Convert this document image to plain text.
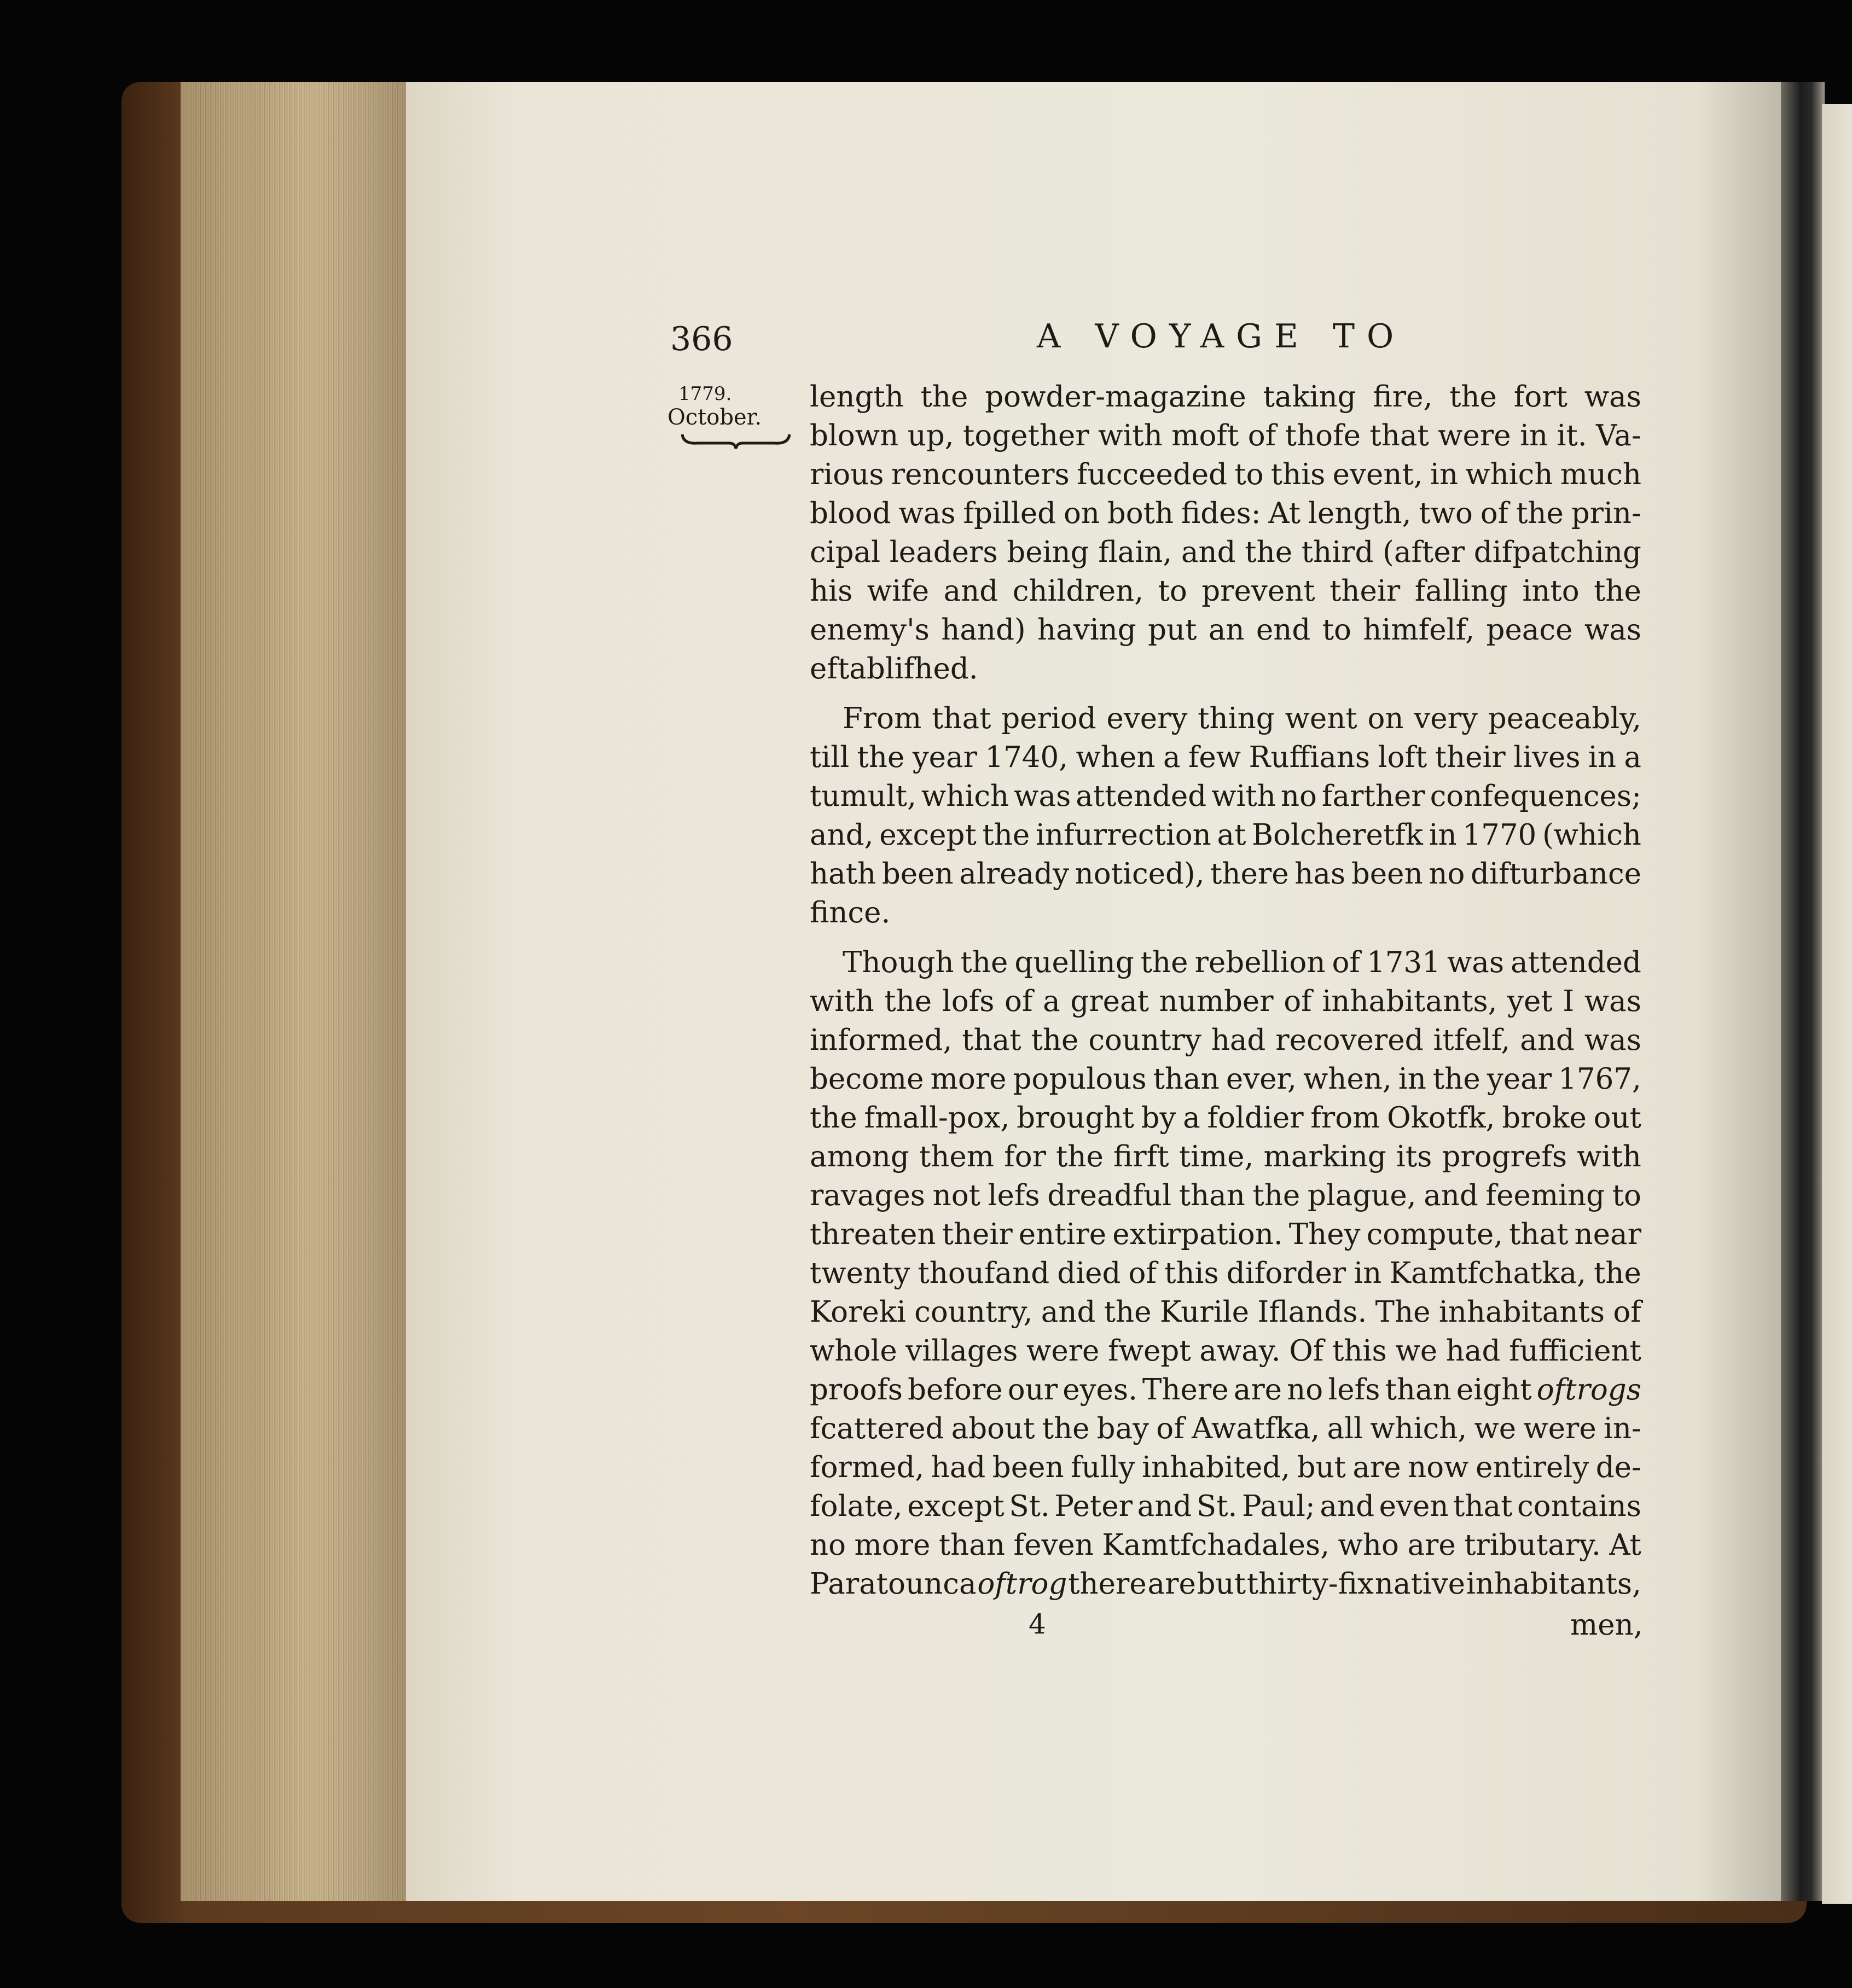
366	A VOYAGE TO
1779.
October.
length the powder-magazine taking fire, the fort was
blown up, together with moft of thofe that were in it. Va-
rious rencounters fucceeded to this event, in which much
blood was fpilled on both fides: At length, two of the prin-
cipal leaders being flain, and the third (after difpatching
his wife and children, to prevent their falling into the
enemy's hand) having put an end to himfelf, peace was
eftablifhed.
From that period every thing went on very peaceably,
till the year 1740, when a few Ruffians loft their lives in a
tumult, which was attended with no farther confequences;
and, except the infurrection at Bolcheretfk in 1770 (which
hath been already noticed), there has been no difturbance
fince.
Though the quelling the rebellion of 1731 was attended
with the lofs of a great number of inhabitants, yet I was
informed, that the country had recovered itfelf, and was
become more populous than ever, when, in the year 1767,
the fmall-pox, brought by a foldier from Okotfk, broke out
among them for the firft time, marking its progrefs with
ravages not lefs dreadful than the plague, and feeming to
threaten their entire extirpation. They compute, that near
twenty thoufand died of this diforder in Kamtfchatka, the
Koreki country, and the Kurile Iflands. The inhabitants of
whole villages were fwept away. Of this we had fufficient
proofs before our eyes. There are no lefs than eight oftrogs
fcattered about the bay of Awatfka, all which, we were in-
formed, had been fully inhabited, but are now entirely de-
folate, except St. Peter and St. Paul; and even that contains
no more than feven Kamtfchadales, who are tributary. At
Paratounca oftrog there are but thirty-fix native inhabitants,
4	men,
